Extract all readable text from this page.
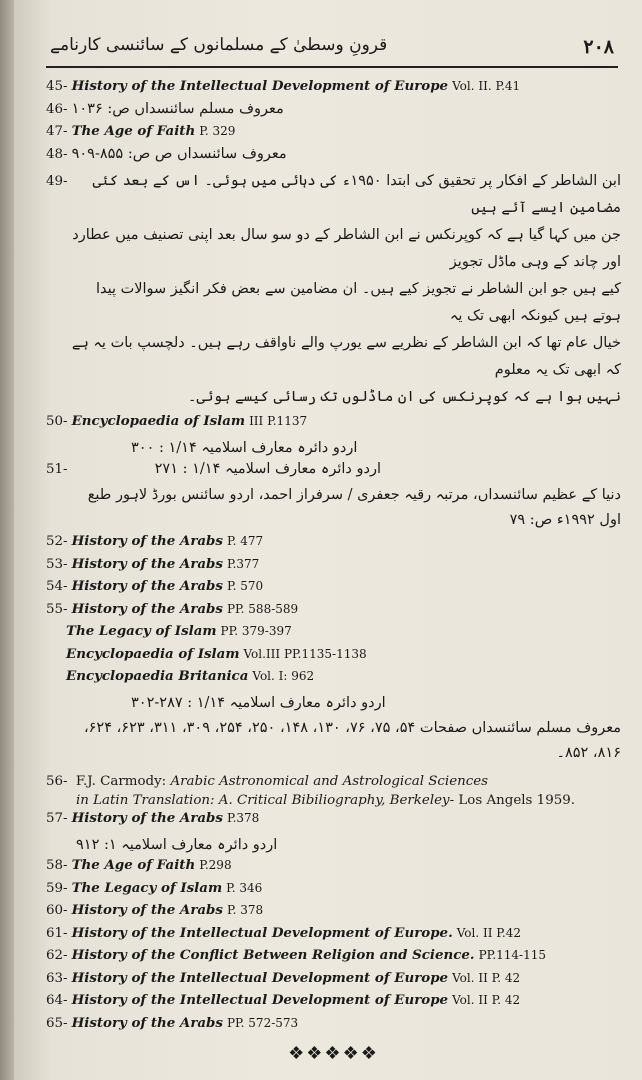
قرونِ وسطیٰ کے مسلمانوں کے سائنسی کارنامے	۲۰۸
45- History of the Intellectual Development of Europe Vol. II. P.41
46- معروف مسلم سائنسداں ص: ۱۰۳۶
47- The Age of Faith P. 329
48- معروف سائنسداں ص ص: ۸۵۵-۹۰۹
49-	ابن الشاطر کے افکار پر تحقیق کی ابتدا ۱۹۵۰ء کی دہائی میں ہوئی۔ اس کے بعد کئی مضامین ایسے آئے ہیں
جن میں کہا گیا ہے کہ کوپرنکس نے ابن الشاطر کے دو سو سال بعد اپنی تصنیف میں عطارد اور چاند کے وہی ماڈل تجویز
کیے ہیں جو ابن الشاطر نے تجویز کیے ہیں۔ ان مضامین سے بعض فکر انگیز سوالات پیدا ہوتے ہیں کیونکہ ابھی تک یہ
خیال عام تھا کہ ابن الشاطر کے نظریے سے یورپ والے ناواقف رہے ہیں۔ دلچسپ بات یہ ہے کہ ابھی تک یہ معلوم
نہیں ہوا ہے کہ کوپرنکس کی ان ماڈلوں تک رسائی کیسے ہوئی۔
50- Encyclopaedia of Islam III P.1137
اردو دائرہ معارف اسلامیہ ۱/۱۴ : ۳۰۰
51-	اردو دائرہ معارف اسلامیہ ۱/۱۴ : ۲۷۱
دنیا کے عظیم سائنسداں، مرتبہ رقیہ جعفری / سرفراز احمد، اردو سائنس بورڈ لاہور طبع اول ۱۹۹۲ء ص: ۷۹
52- History of the Arabs P. 477
53- History of the Arabs P.377
54- History of the Arabs P. 570
55- History of the Arabs PP. 588-589
The Legacy of Islam PP. 379-397
Encyclopaedia of Islam Vol.III PP.1135-1138
Encyclopaedia Britanica Vol. I: 962
اردو دائرہ معارف اسلامیہ ۱/۱۴ : ۲۸۷-۳۰۲
معروف مسلم سائنسداں صفحات ۵۴، ۷۵، ۷۶، ۱۳۰، ۱۴۸، ۲۵۰، ۲۵۴، ۳۰۹، ۳۱۱، ۶۲۳، ۶۲۴،
۸۱۶، ۸۵۲۔
56- F.J. Carmody: Arabic Astronomical and Astrological Sciences
in Latin Translation: A. Critical Bibiliography, Berkeley- Los Angels 1959.
57- History of the Arabs P.378
اردو دائرہ معارف اسلامیہ ۱: ۹۱۲
58- The Age of Faith P.298
59- The Legacy of Islam P. 346
60- History of the Arabs P. 378
61- History of the Intellectual Development of Europe. Vol. II P.42
62- History of the Conflict Between Religion and Science. PP.114-115
63- History of the Intellectual Development of Europe Vol. II P. 42
64- History of the Intellectual Development of Europe Vol. II P. 42
65- History of the Arabs PP. 572-573
❖❖❖❖❖
